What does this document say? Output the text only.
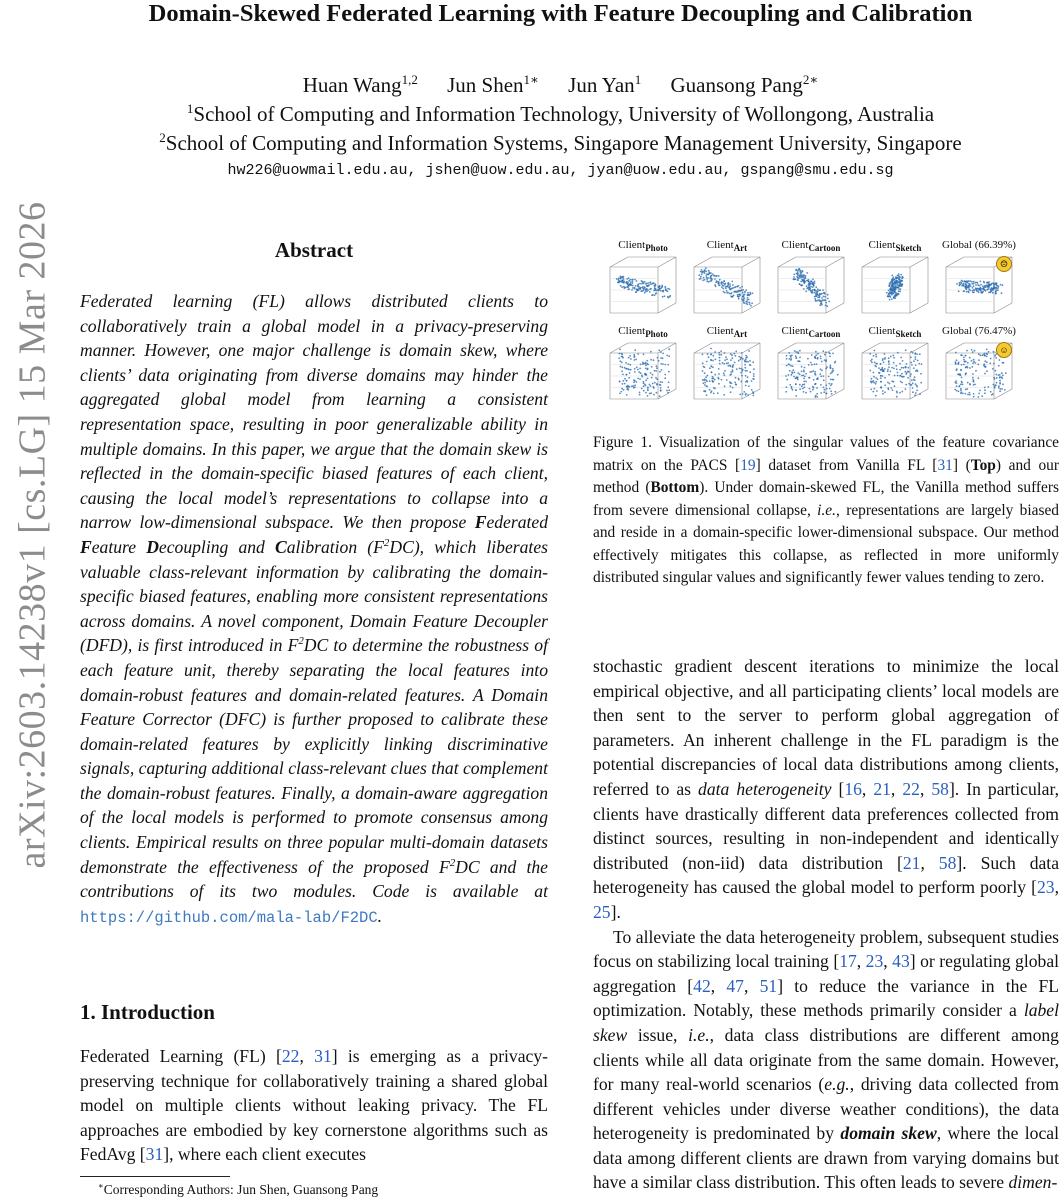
arXiv:2603.14238v1 [cs.LG] 15 Mar 2026
Domain-Skewed Federated Learning with Feature Decoupling and Calibration
Huan Wang$^{1,2}$ Jun Shen$^{1∗}$ Jun Yan$^1$ Guansong Pang$^{2∗}$
$^1$School of Computing and Information Technology, University of Wollongong, Australia
$^2$School of Computing and Information Systems, Singapore Management University, Singapore
hw226@uowmail.edu.au, jshen@uow.edu.au, jyan@uow.edu.au, gspang@smu.edu.sg
Abstract

Federated learning (FL) allows distributed clients to collaboratively train a global model in a privacy-preserving manner. However, one major challenge is domain skew, where clients’ data originating from diverse domains may hinder the aggregated global model from learning a consistent representation space, resulting in poor generalizable ability in multiple domains. In this paper, we argue that the domain skew is reflected in the domain-specific biased features of each client, causing the local model’s representations to collapse into a narrow low-dimensional subspace. We then propose Federated Feature Decoupling and Calibration $(F^2DC)$, which liberates valuable class-relevant information by calibrating the domain-specific biased features, enabling more consistent representations across domains. A novel component, Domain Feature Decoupler (DFD), is first introduced in $F^2DC$ to determine the robustness of each feature unit, thereby separating the local features into domain-robust features and domain-related features. A Domain Feature Corrector (DFC) is further proposed to calibrate these domain-related features by explicitly linking discriminative signals, capturing additional class-relevant clues that complement the domain-robust features. Finally, a domain-aware aggregation of the local models is performed to promote consensus among clients. Empirical results on three popular multi-domain datasets demonstrate the effectiveness of the proposed $F^2DC$ and the contributions of its two modules. Code is available at https://github.com/mala-lab/F2DC.

1. Introduction

Federated Learning (FL) [22, 31] is emerging as a privacy-preserving technique for collaboratively training a shared global model on multiple clients without leaking privacy. The FL approaches are embodied by key cornerstone algorithms such as FedAvg [31], where each client executes

∗Corresponding Authors: Jun Shen, Guansong Pang
Client$_{Photo}$	Client$_{Art}$	Client$_{Cartoon}$	Client$_{Sketch}$	Global (66.39%)
☹
Client$_{Photo}$	Client$_{Art}$	Client$_{Cartoon}$	Client$_{Sketch}$	Global (76.47%)
☺

Figure 1. Visualization of the singular values of the feature covariance matrix on the PACS [19] dataset from Vanilla FL [31] (Top) and our method (Bottom). Under domain-skewed FL, the Vanilla method suffers from severe dimensional collapse, i.e., representations are largely biased and reside in a domain-specific lower-dimensional subspace. Our method effectively mitigates this collapse, as reflected in more uniformly distributed singular values and significantly fewer values tending to zero.

stochastic gradient descent iterations to minimize the local empirical objective, and all participating clients’ local models are then sent to the server to perform global aggregation of parameters. An inherent challenge in the FL paradigm is the potential discrepancies of local data distributions among clients, referred to as data heterogeneity [16, 21, 22, 58]. In particular, clients have drastically different data preferences collected from distinct sources, resulting in non-independent and identically distributed (non-iid) data distribution [21, 58]. Such data heterogeneity has caused the global model to perform poorly [23, 25].

To alleviate the data heterogeneity problem, subsequent studies focus on stabilizing local training [17, 23, 43] or regulating global aggregation [42, 47, 51] to reduce the variance in the FL optimization. Notably, these methods primarily consider a label skew issue, i.e., data class distributions are different among clients while all data originate from the same domain. However, for many real-world scenarios (e.g., driving data collected from different vehicles under diverse weather conditions), the data heterogeneity is predominated by domain skew, where the local data among different clients are drawn from varying domains but have a similar class distribution. This often leads to severe dimen-
